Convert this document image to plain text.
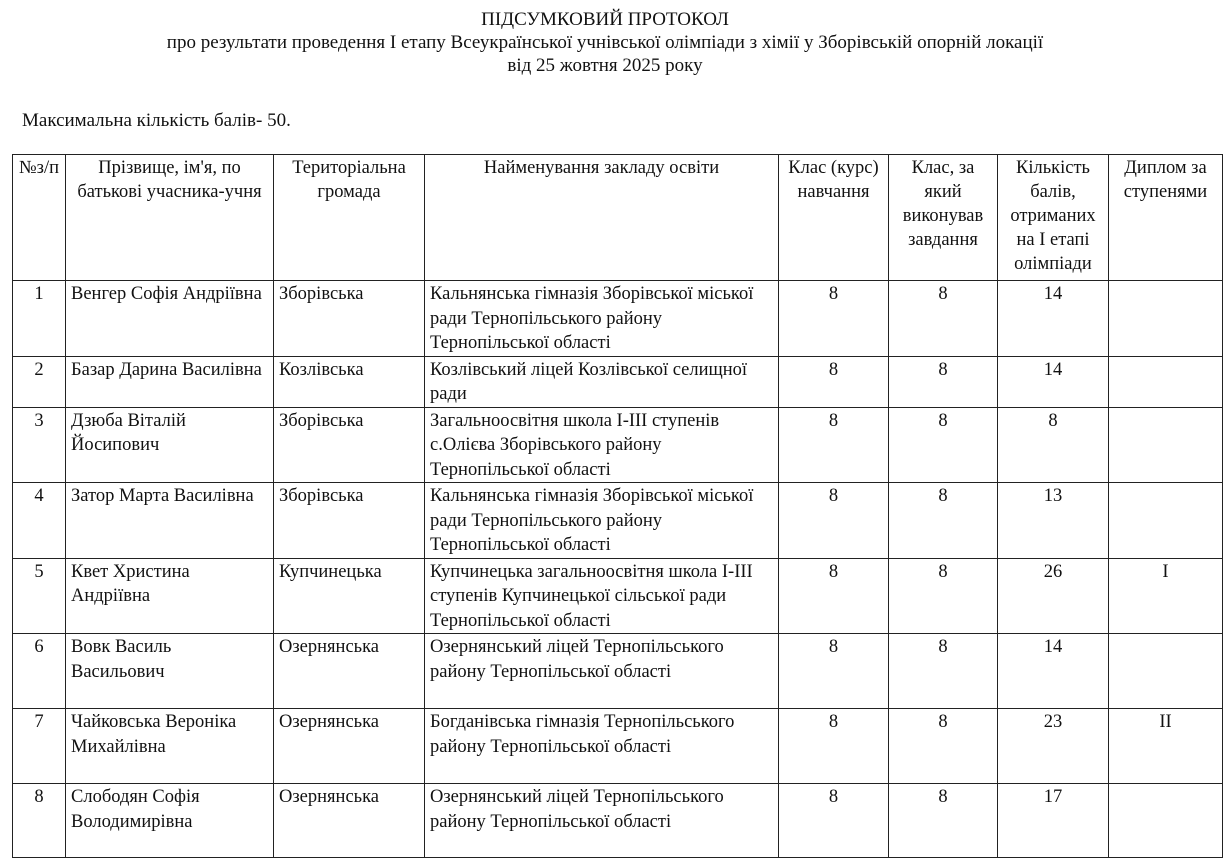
ПІДСУМКОВИЙ ПРОТОКОЛ
про результати проведення І етапу Всеукраїнської учнівської олімпіади з хімії у Зборівській опорній локації
від 25 жовтня 2025 року
Максимальна кількість балів- 50.
№з/п	Прізвище, ім'я, по батькові учасника-учня	Територіальна громада	Найменування закладу освіти	Клас (курс) навчання	Клас, за який виконував завдання	Кількість балів, отриманих на І етапі олімпіади	Диплом за ступенями
1	Венгер Софія Андріївна	Зборівська	Кальнянська гімназія Зборівської міської ради Тернопільського району Тернопільської області	8	8	14	
2	Базар Дарина Василівна	Козлівська	Козлівський ліцей Козлівської селищної ради	8	8	14	
3	Дзюба Віталій Йосипович	Зборівська	Загальноосвітня школа І-ІІІ ступенів с.Олієва Зборівського району Тернопільської області	8	8	8	
4	Затор Марта Василівна	Зборівська	Кальнянська гімназія Зборівської міської ради Тернопільського району Тернопільської області	8	8	13	
5	Квет Христина Андріївна	Купчинецька	Купчинецька загальноосвітня школа І-ІІІ ступенів Купчинецької сільської ради Тернопільської області	8	8	26	І
6	Вовк Василь Васильович	Озернянська	Озернянський ліцей Тернопільського району Тернопільської області	8	8	14	
7	Чайковська Вероніка Михайлівна	Озернянська	Богданівська гімназія Тернопільського району Тернопільської області	8	8	23	ІІ
8	Слободян Софія Володимирівна	Озернянська	Озернянський ліцей Тернопільського району Тернопільської області	8	8	17	
